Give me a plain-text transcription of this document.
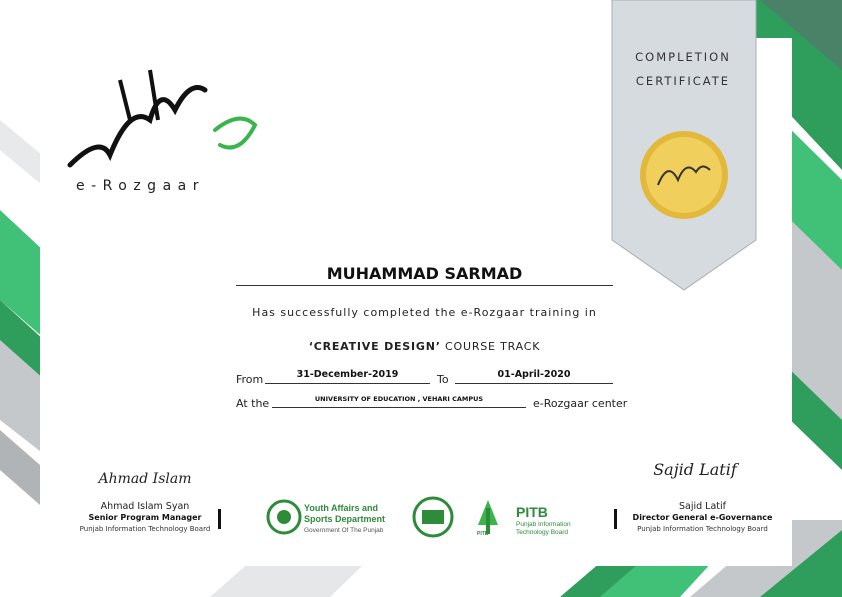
e-Rozgaar
COMPLETION
CERTIFICATE
MUHAMMAD SARMAD
Has successfully completed the e-Rozgaar training in
‘CREATIVE DESIGN’ COURSE TRACK
From	31-December-2019	To	01-April-2020
At the	UNIVERSITY OF EDUCATION , VEHARI CAMPUS	e-Rozgaar center
Ahmad Islam
Ahmad Islam Syan
Senior Program Manager
Punjab Information Technology Board
Sajid Latif
Sajid Latif
Director General e-Governance
Punjab Information Technology Board
Youth Affairs and
Sports Department
Government Of The Punjab
PITB
Punjab Information
Technology Board
PITB
